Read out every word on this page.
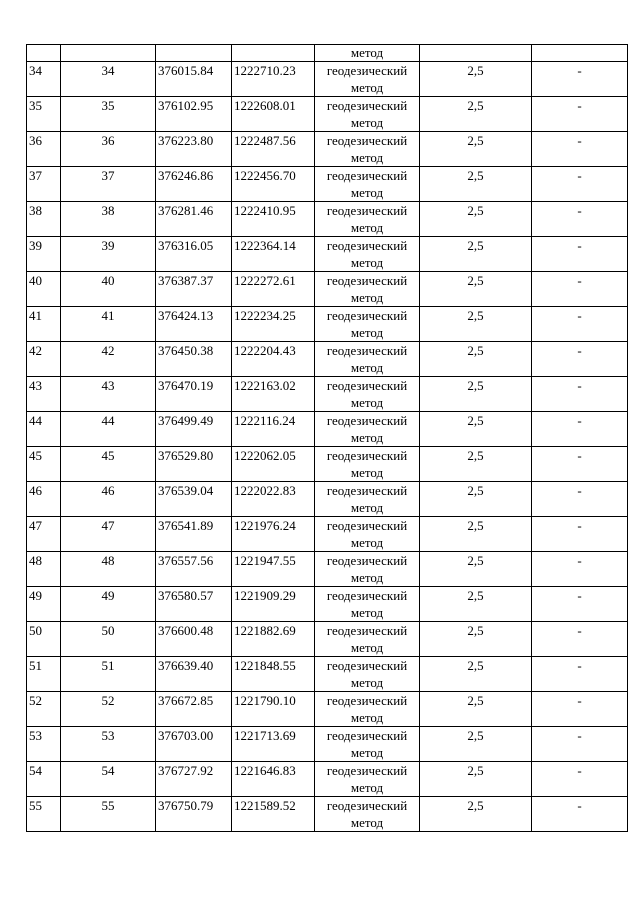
				метод		

34	34	376015.84	1222710.23	геодезический
метод	2,5	-
35	35	376102.95	1222608.01	геодезический
метод	2,5	-
36	36	376223.80	1222487.56	геодезический
метод	2,5	-
37	37	376246.86	1222456.70	геодезический
метод	2,5	-
38	38	376281.46	1222410.95	геодезический
метод	2,5	-
39	39	376316.05	1222364.14	геодезический
метод	2,5	-
40	40	376387.37	1222272.61	геодезический
метод	2,5	-
41	41	376424.13	1222234.25	геодезический
метод	2,5	-
42	42	376450.38	1222204.43	геодезический
метод	2,5	-
43	43	376470.19	1222163.02	геодезический
метод	2,5	-
44	44	376499.49	1222116.24	геодезический
метод	2,5	-
45	45	376529.80	1222062.05	геодезический
метод	2,5	-
46	46	376539.04	1222022.83	геодезический
метод	2,5	-
47	47	376541.89	1221976.24	геодезический
метод	2,5	-
48	48	376557.56	1221947.55	геодезический
метод	2,5	-
49	49	376580.57	1221909.29	геодезический
метод	2,5	-
50	50	376600.48	1221882.69	геодезический
метод	2,5	-
51	51	376639.40	1221848.55	геодезический
метод	2,5	-
52	52	376672.85	1221790.10	геодезический
метод	2,5	-
53	53	376703.00	1221713.69	геодезический
метод	2,5	-
54	54	376727.92	1221646.83	геодезический
метод	2,5	-
55	55	376750.79	1221589.52	геодезический
метод	2,5	-
